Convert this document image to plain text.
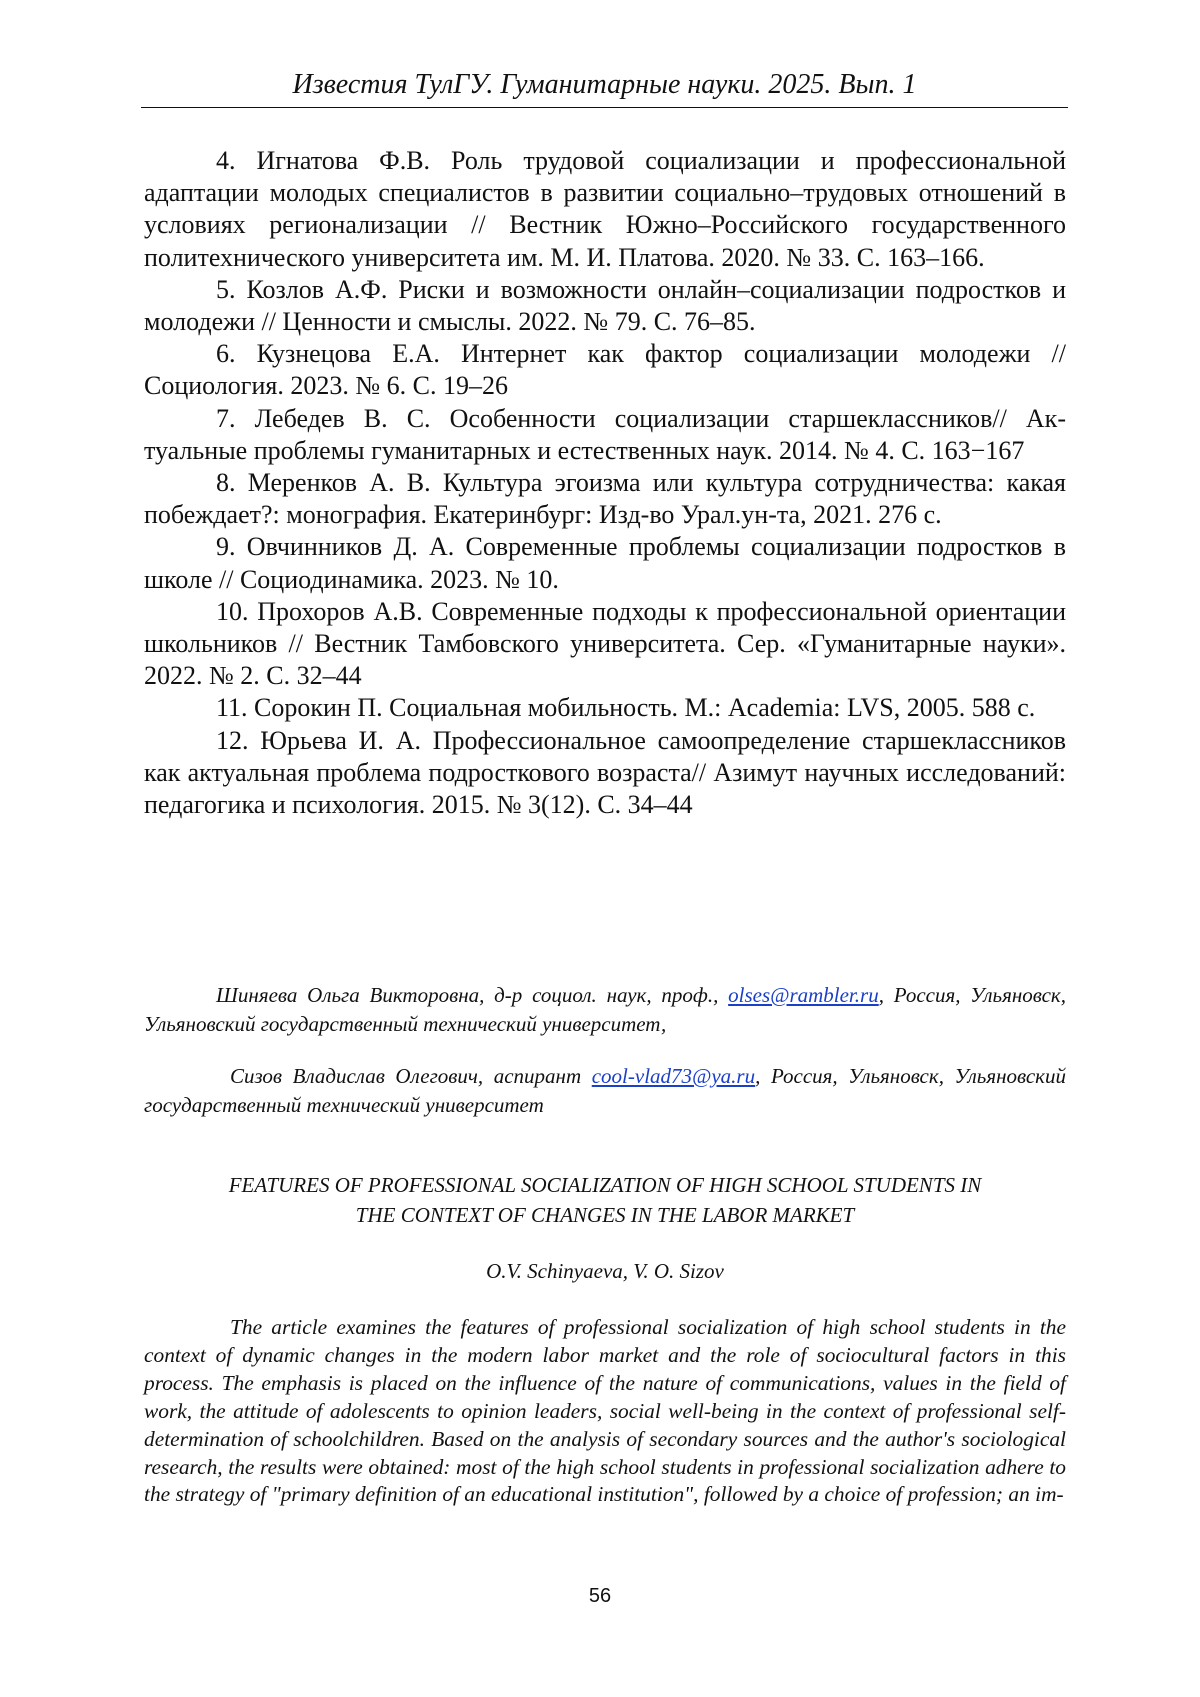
Известия ТулГУ. Гуманитарные науки. 2025. Вып. 1

4. Игнатова Ф.В. Роль трудовой социализации и профессиональной адаптации молодых специалистов в развитии социально–трудовых отношений в условиях регионализации // Вестник Южно–Российского государственного политехнического университета им. М. И. Платова. 2020. № 33. С. 163–166.

5. Козлов А.Ф. Риски и возможности онлайн–социализации подростков и молодежи // Ценности и смыслы. 2022. № 79. С. 76–85.

6. Кузнецова Е.А. Интернет как фактор социализации молодежи // Социология. 2023. № 6. С. 19–26

7. Лебедев В. С. Особенности социализации старшеклассников// Актуальные проблемы гуманитарных и естественных наук. 2014. № 4. С. 163−167

8. Меренков А. В. Культура эгоизма или культура сотрудничества: какая побеждает?: монография. Екатеринбург: Изд-во Урал.ун-та, 2021. 276 с.

9. Овчинников Д. А. Современные проблемы социализации подростков в школе // Социодинамика. 2023. № 10.

10. Прохоров А.В. Современные подходы к профессиональной ориентации школьников // Вестник Тамбовского университета. Сер. «Гуманитарные науки». 2022. № 2. С. 32–44

11. Сорокин П. Социальная мобильность. М.: Academia: LVS, 2005. 588 с.

12. Юрьева И. А. Профессиональное самоопределение старшеклассников как актуальная проблема подросткового возраста// Азимут научных исследований: педагогика и психология. 2015. № 3(12). С. 34–44

Шиняева Ольга Викторовна, д-р социол. наук, проф., olses@rambler.ru, Россия, Ульяновск, Ульяновский государственный технический университет,

Сизов Владислав Олегович, аспирант cool-vlad73@ya.ru, Россия, Ульяновск, Ульяновский государственный технический университет

FEATURES OF PROFESSIONAL SOCIALIZATION OF HIGH SCHOOL STUDENTS IN
THE CONTEXT OF CHANGES IN THE LABOR MARKET
O.V. Schinyaeva, V. O. Sizov

The article examines the features of professional socialization of high school students in the context of dynamic changes in the modern labor market and the role of sociocultural factors in this process. The emphasis is placed on the influence of the nature of communications, values in the field of work, the attitude of adolescents to opinion leaders, social well-being in the context of professional self-determination of schoolchildren. Based on the analysis of secondary sources and the author's sociological research, the results were obtained: most of the high school students in professional socialization adhere to the strategy of "primary definition of an educational institution", followed by a choice of profession; an im-

56
